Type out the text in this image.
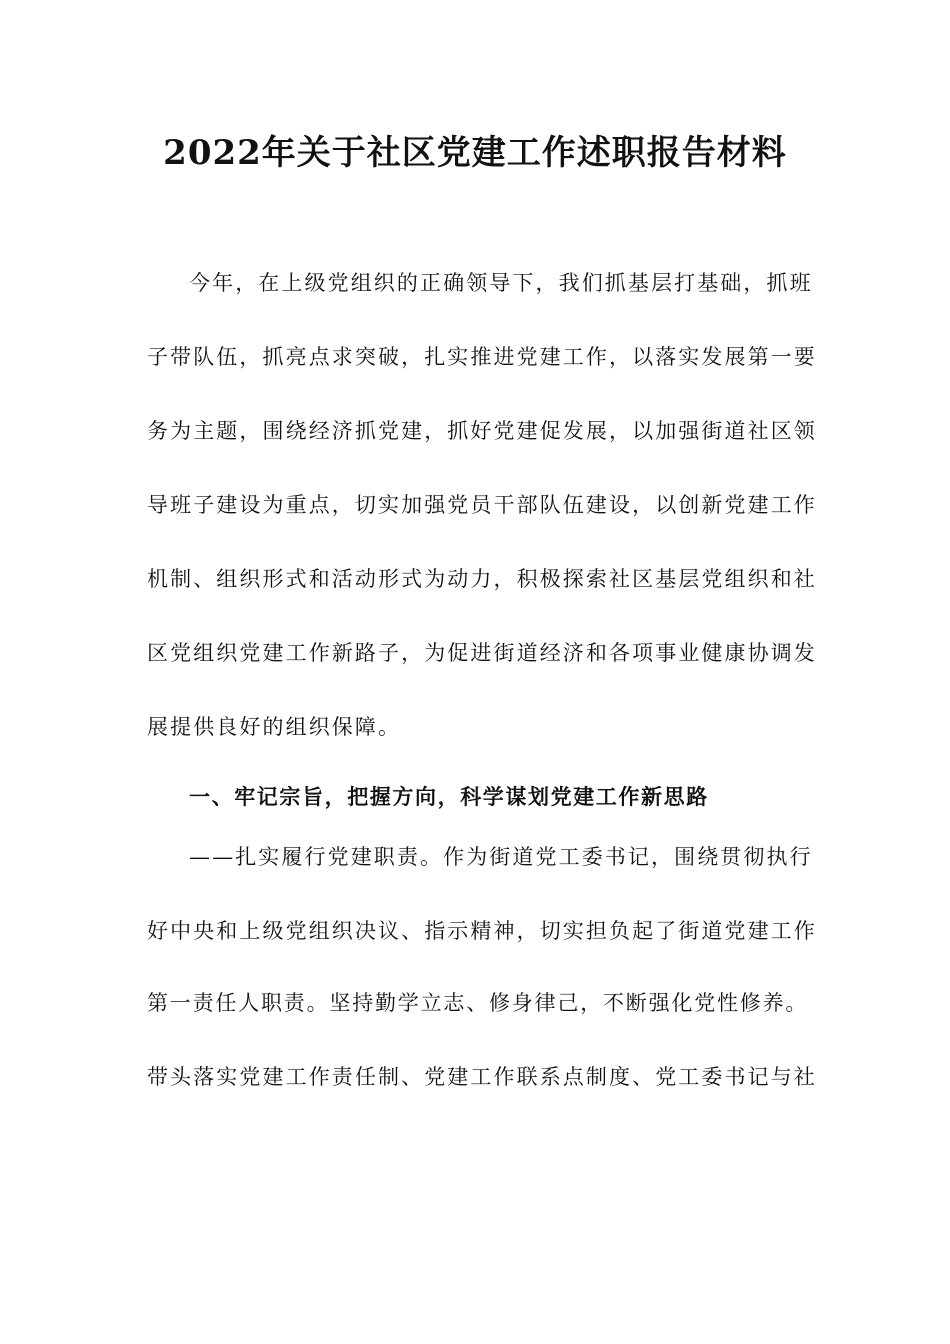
2022年关于社区党建工作述职报告材料

今年，在上级党组织的正确领导下，我们抓基层打基础，抓班

子带队伍，抓亮点求突破，扎实推进党建工作，以落实发展第一要

务为主题，围绕经济抓党建，抓好党建促发展，以加强街道社区领

导班子建设为重点，切实加强党员干部队伍建设，以创新党建工作

机制、组织形式和活动形式为动力，积极探索社区基层党组织和社

区党组织党建工作新路子，为促进街道经济和各项事业健康协调发

展提供良好的组织保障。

一、牢记宗旨，把握方向，科学谋划党建工作新思路

——扎实履行党建职责。作为街道党工委书记，围绕贯彻执行

好中央和上级党组织决议、指示精神，切实担负起了街道党建工作

第一责任人职责。坚持勤学立志、修身律己，不断强化党性修养。

带头落实党建工作责任制、党建工作联系点制度、党工委书记与社
